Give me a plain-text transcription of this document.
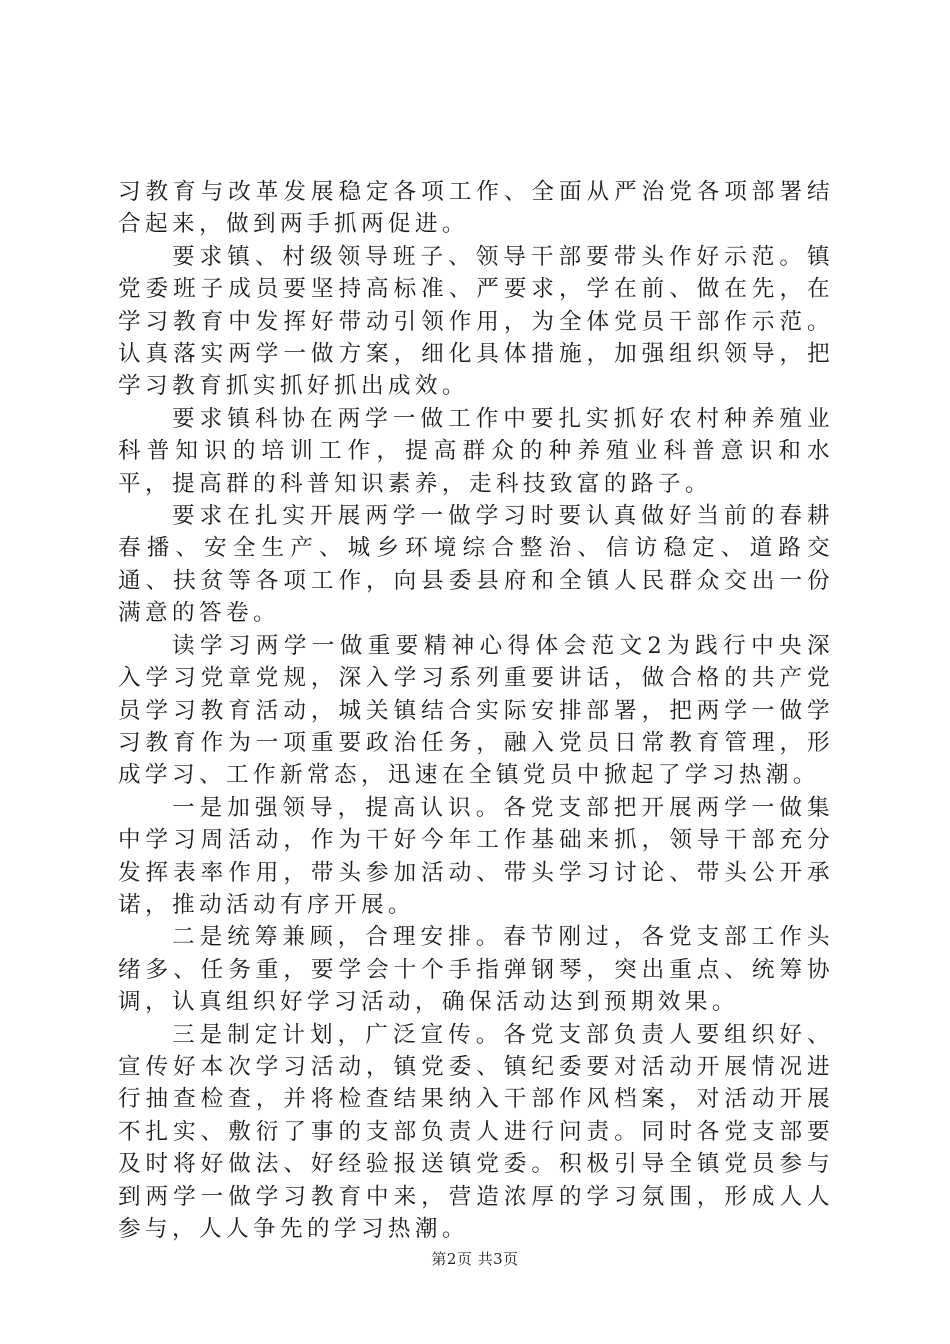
习教育与改革发展稳定各项工作、全面从严治党各项部署结合起来，做到两手抓两促进。

要求镇、村级领导班子、领导干部要带头作好示范。镇党委班子成员要坚持高标准、严要求，学在前、做在先，在学习教育中发挥好带动引领作用，为全体党员干部作示范。认真落实两学一做方案，细化具体措施，加强组织领导，把学习教育抓实抓好抓出成效。

要求镇科协在两学一做工作中要扎实抓好农村种养殖业科普知识的培训工作，提高群众的种养殖业科普意识和水平，提高群的科普知识素养，走科技致富的路子。

要求在扎实开展两学一做学习时要认真做好当前的春耕春播、安全生产、城乡环境综合整治、信访稳定、道路交通、扶贫等各项工作，向县委县府和全镇人民群众交出一份满意的答卷。

读学习两学一做重要精神心得体会范文2为践行中央深入学习党章党规，深入学习系列重要讲话，做合格的共产党员学习教育活动，城关镇结合实际安排部署，把两学一做学习教育作为一项重要政治任务，融入党员日常教育管理，形成学习、工作新常态，迅速在全镇党员中掀起了学习热潮。

一是加强领导，提高认识。各党支部把开展两学一做集中学习周活动，作为干好今年工作基础来抓，领导干部充分发挥表率作用，带头参加活动、带头学习讨论、带头公开承诺，推动活动有序开展。

二是统筹兼顾，合理安排。春节刚过，各党支部工作头绪多、任务重，要学会十个手指弹钢琴，突出重点、统筹协调，认真组织好学习活动，确保活动达到预期效果。

三是制定计划，广泛宣传。各党支部负责人要组织好、宣传好本次学习活动，镇党委、镇纪委要对活动开展情况进行抽查检查，并将检查结果纳入干部作风档案，对活动开展不扎实、敷衍了事的支部负责人进行问责。同时各党支部要及时将好做法、好经验报送镇党委。积极引导全镇党员参与到两学一做学习教育中来，营造浓厚的学习氛围，形成人人参与，人人争先的学习热潮。

第2页 共3页
